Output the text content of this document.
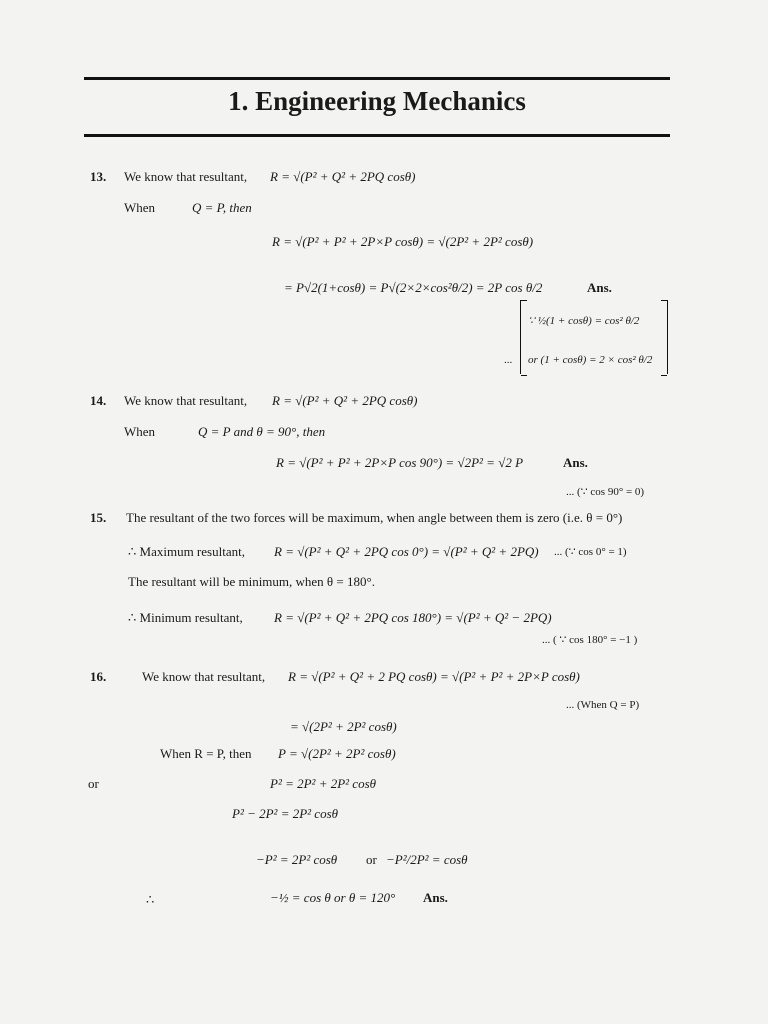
1. Engineering Mechanics
13. We know that resultant, R = √(P² + Q² + 2PQ cosθ)
When	Q = P, then
R = √(P² + P² + 2P×P cosθ) = √(2P² + 2P² cosθ)
= P√2(1+cosθ) = P√(2×2×cos²θ/2) = 2P cos θ/2	Ans.
...
∵ ½(1 + cosθ) = cos² θ/2
or (1 + cosθ) = 2 × cos² θ/2
14. We know that resultant, R = √(P² + Q² + 2PQ cosθ)
When	Q = P and θ = 90°, then
R = √(P² + P² + 2P×P cos 90°) = √2P² = √2 P	Ans.
... (∵ cos 90° = 0)
15. The resultant of the two forces will be maximum, when angle between them is zero (i.e. θ = 0°)
∴ Maximum resultant, R = √(P² + Q² + 2PQ cos 0°) = √(P² + Q² + 2PQ) ... (∵ cos 0° = 1)
The resultant will be minimum, when θ = 180°.
∴ Minimum resultant, R = √(P² + Q² + 2PQ cos 180°) = √(P² + Q² − 2PQ)
... ( ∵ cos 180° = −1 )
16.	We know that resultant, R = √(P² + Q² + 2 PQ cosθ) = √(P² + P² + 2P×P cosθ)
... (When Q = P)
= √(2P² + 2P² cosθ)
When R = P, then P = √(2P² + 2P² cosθ)
or	P² = 2P² + 2P² cosθ
P² − 2P² = 2P² cosθ
−P² = 2P² cosθ or −P²/2P² = cosθ
∴	−½ = cos θ or θ = 120° Ans.
